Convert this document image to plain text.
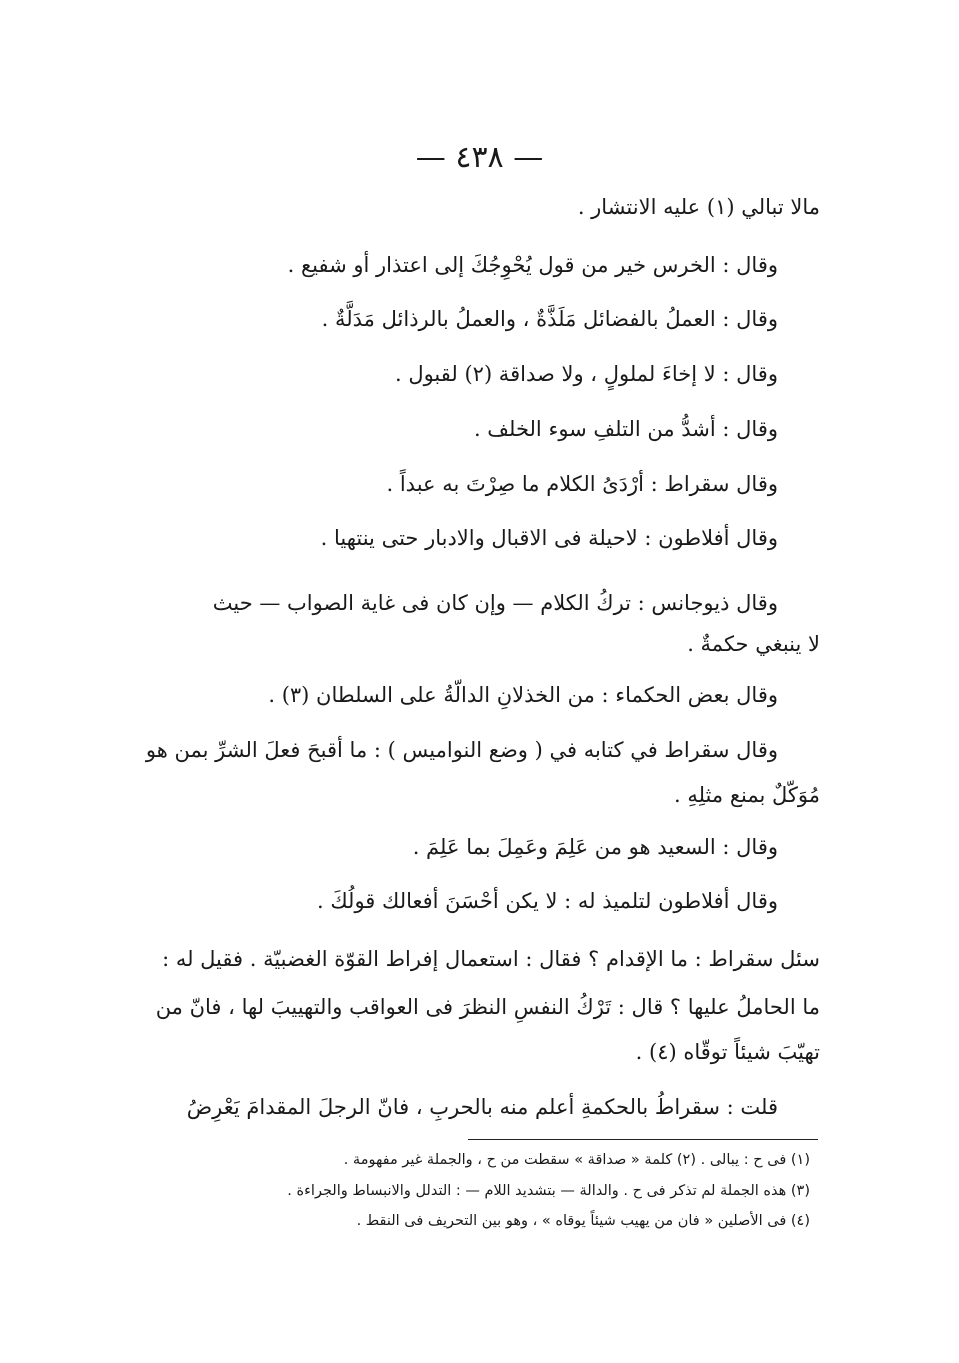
— ٤٣٨ —

مالا تبالي (١) عليه الانتشار .

وقال : الخرس خير من قول يُحْوِجُكَ إلى اعتذار أو شفيع .

وقال : العملُ بالفضائل مَلَذَّةٌ ، والعملُ بالرذائل مَدَلَّةٌ .

وقال : لا إخاءَ لملولٍ ، ولا صداقة (٢) لقبول .

وقال : أشدُّ من التلفِ سوء الخلف .

وقال سقراط : أرْدَىُ الكلام ما صِرْتَ به عبداً .

وقال أفلاطون : لاحيلة فى الاقبال والادبار حتى ينتهيا .

وقال ذيوجانس : تركُ الكلام — وإن كان فى غاية الصواب — حيث

لا ينبغي حكمةٌ .

وقال بعض الحكماء : من الخذلانِ الدالّةُ على السلطان (٣) .

وقال سقراط في كتابه في ( وضع النواميس ) : ما أقبحَ فعلَ الشرِّ بمن هو

مُوَكّلٌ بمنع مثلِهِ .

وقال : السعيد هو من عَلِمَ وعَمِلَ بما عَلِمَ .

وقال أفلاطون لتلميذ له : لا يكن أحْسَنَ أفعالك قولُكَ .

سئل سقراط : ما الإقدام ؟ فقال : استعمال إفراط القوّة الغضبيّة . فقيل له :

ما الحاملُ عليها ؟ قال : تَرْكُ النفسِ النظرَ فى العواقب والتهييبَ لها ، فانّ من

تهيّبَ شيئاً توقّاه (٤) .

قلت : سقراطُ بالحكمةِ أعلم منه بالحربِ ، فانّ الرجلَ المقدامَ يَعْرِضُ

(١) فى ح : يبالى . (٢) كلمة « صداقة » سقطت من ح ، والجملة غير مفهومة .

(٣) هذه الجملة لم تذكر فى ح . والدالة — بتشديد اللام — : التدلل والانبساط والجراءة .

(٤) فى الأصلين « فان من يهيب شيئاً يوقاه » ، وهو بين التحريف فى النقط .
